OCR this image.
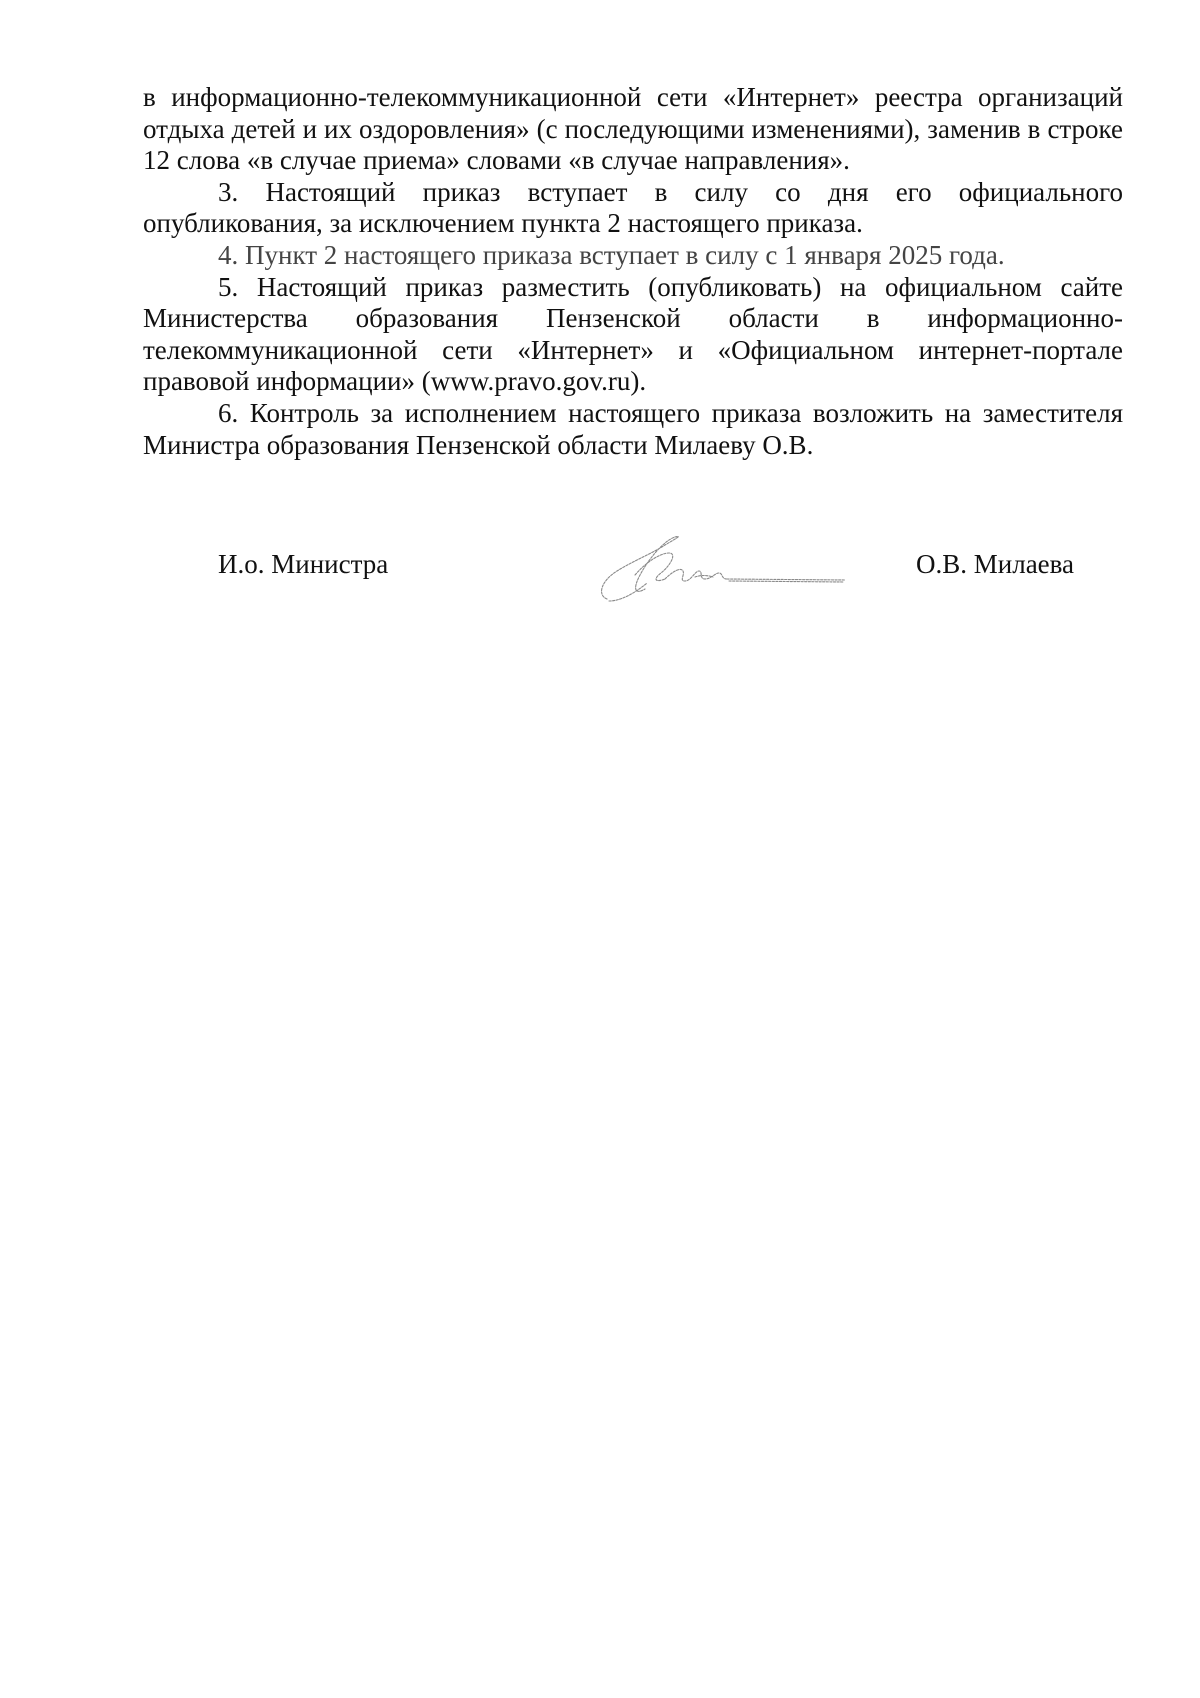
в информационно-телекоммуникационной сети «Интернет» реестра организаций отдыха детей и их оздоровления» (с последующими изменениями), заменив в строке 12 слова «в случае приема» словами «в случае направления».

3. Настоящий приказ вступает в силу со дня его официального опубликования, за исключением пункта 2 настоящего приказа.

4. Пункт 2 настоящего приказа вступает в силу с 1 января 2025 года.

5. Настоящий приказ разместить (опубликовать) на официальном сайте Министерства образования Пензенской области в информационно-телекоммуникационной сети «Интернет» и «Официальном интернет-портале правовой информации» (www.pravo.gov.ru).

6. Контроль за исполнением настоящего приказа возложить на заместителя Министра образования Пензенской области Милаеву О.В.

И.о. Министра	О.В. Милаева
